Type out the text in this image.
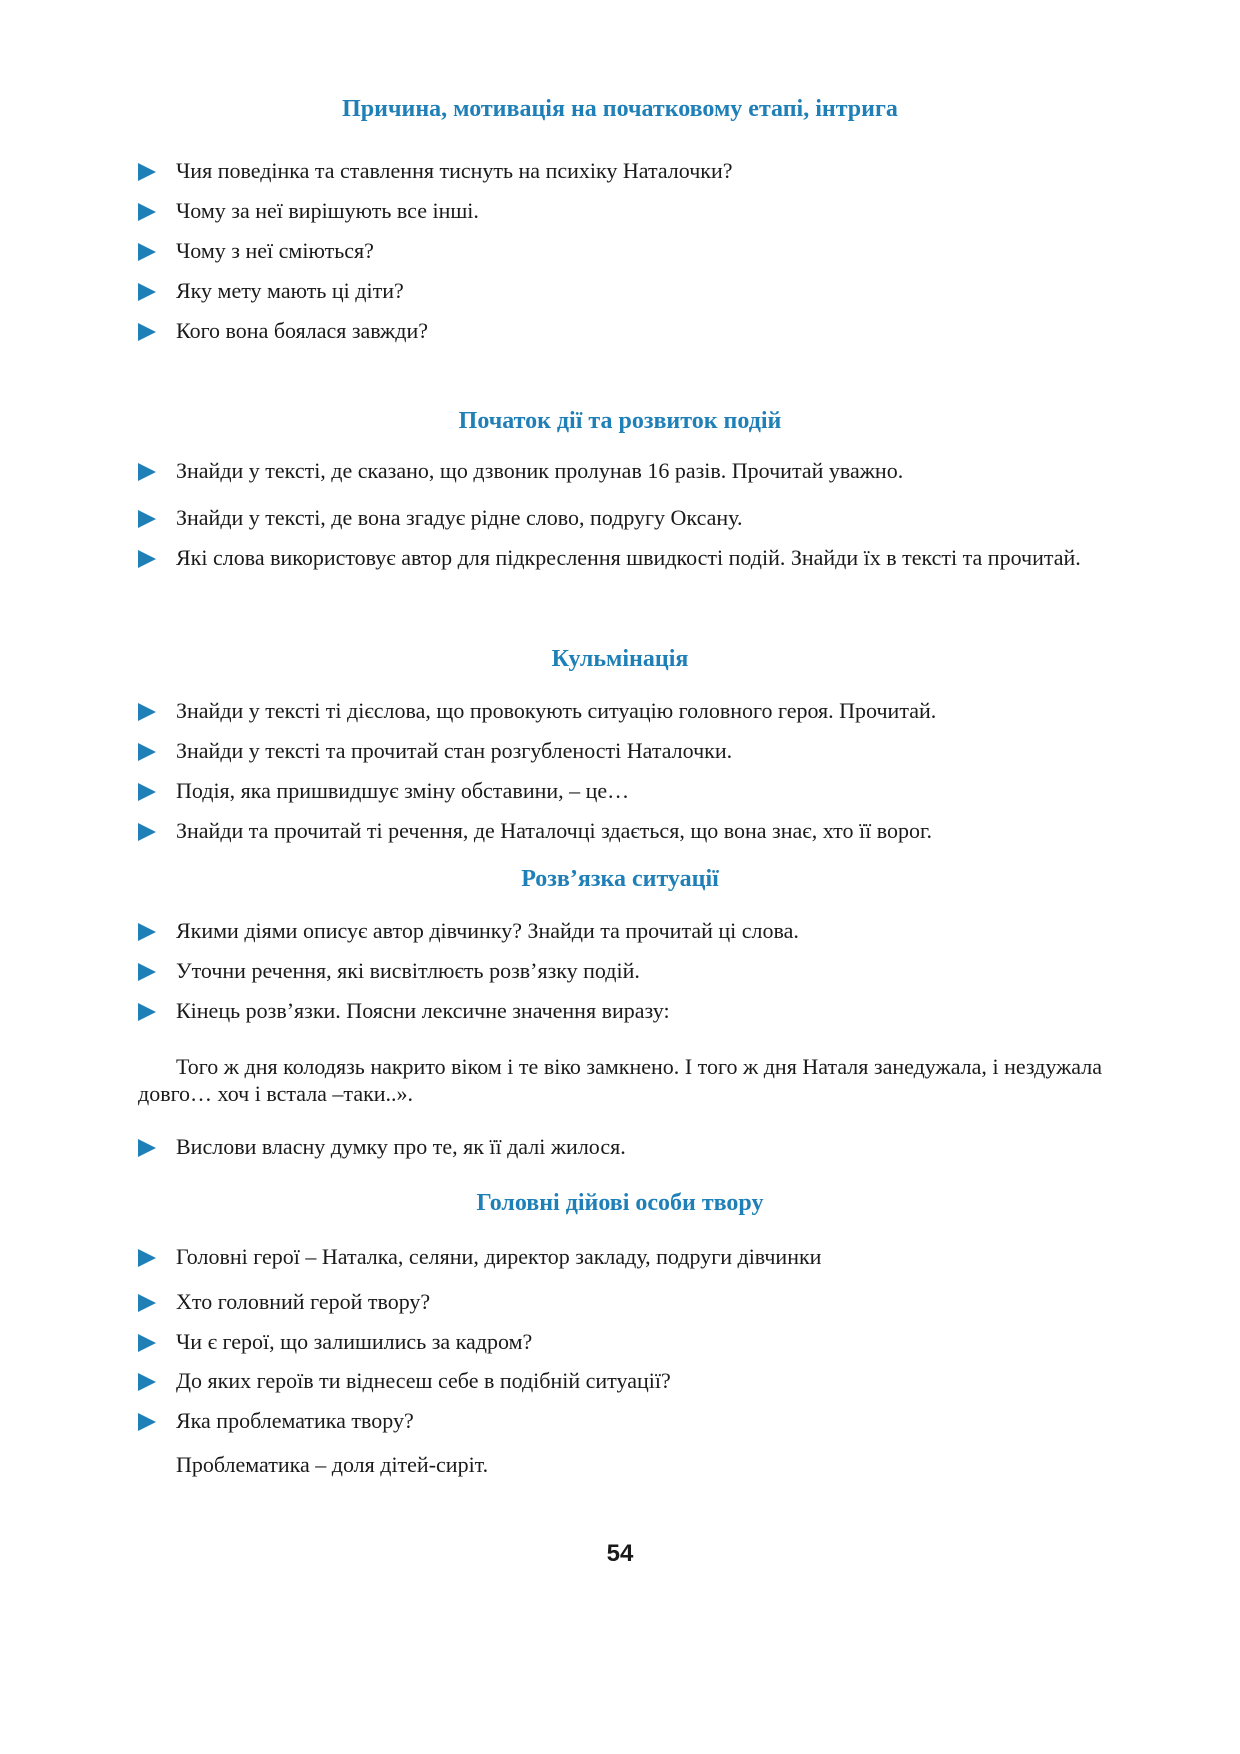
Причина, мотивація на початковому етапі, інтрига
Чия поведінка та ставлення тиснуть на психіку Наталочки?
Чому за неї вирішують все інші.
Чому з неї сміються?
Яку мету мають ці діти?
Кого вона боялася завжди?
Початок дії та розвиток подій
Знайди у тексті, де сказано, що дзвоник пролунав 16 разів. Прочитай уважно.
Знайди у тексті, де вона згадує рідне слово, подругу Оксану.
Які слова використовує автор для підкреслення швидкості подій. Знайди їх в тексті та прочитай.
Кульмінація
Знайди у тексті ті дієслова, що провокують ситуацію головного героя. Прочитай.
Знайди у тексті та прочитай стан розгубленості Наталочки.
Подія, яка пришвидшує зміну обставини, – це…
Знайди та прочитай ті речення, де Наталочці здається, що вона знає, хто її ворог.
Розв’язка ситуації
Якими діями описує автор дівчинку? Знайди та прочитай ці слова.
Уточни речення, які висвітлюєть розв’язку подій.
Кінець розв’язки. Поясни лексичне значення виразу:
Того ж дня колодязь накрито віком і те віко замкнено. І того ж дня Наталя занедужала, і нездужала довго… хоч і встала –таки..».
Вислови власну думку про те, як її далі жилося.
Головні дійові особи твору
Головні герої – Наталка, селяни, директор закладу, подруги дівчинки
Хто головний герой твору?
Чи є герої, що залишились за кадром?
До яких героїв ти віднесеш себе в подібній ситуації?
Яка проблематика твору?
Проблематика – доля дітей-сиріт.
54
